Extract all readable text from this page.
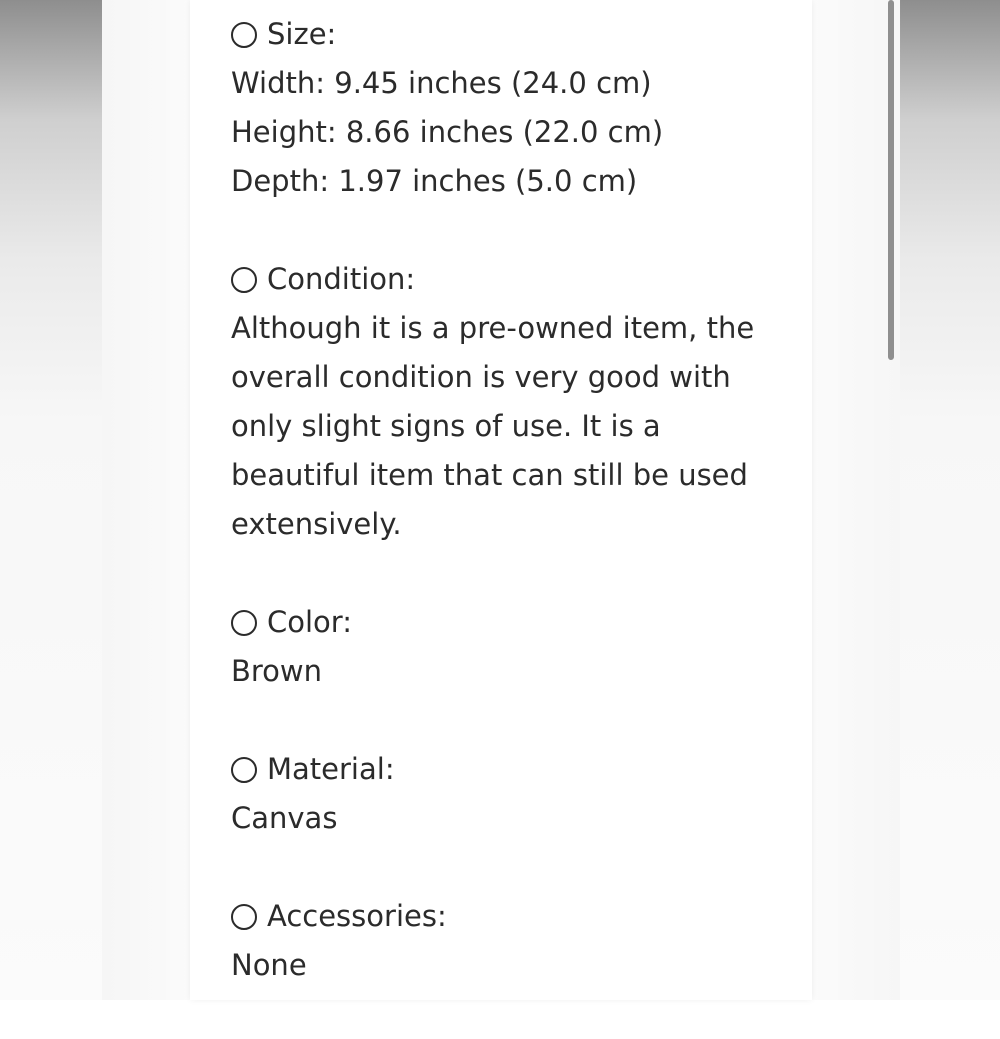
Size:
Width: 9.45 inches (24.0 cm)
Height: 8.66 inches (22.0 cm)
Depth: 1.97 inches (5.0 cm)
Condition:
Although it is a pre-owned item, the overall condition is very good with only slight signs of use. It is a beautiful item that can still be used extensively.
Color:
Brown
Material:
Canvas
Accessories:
None
